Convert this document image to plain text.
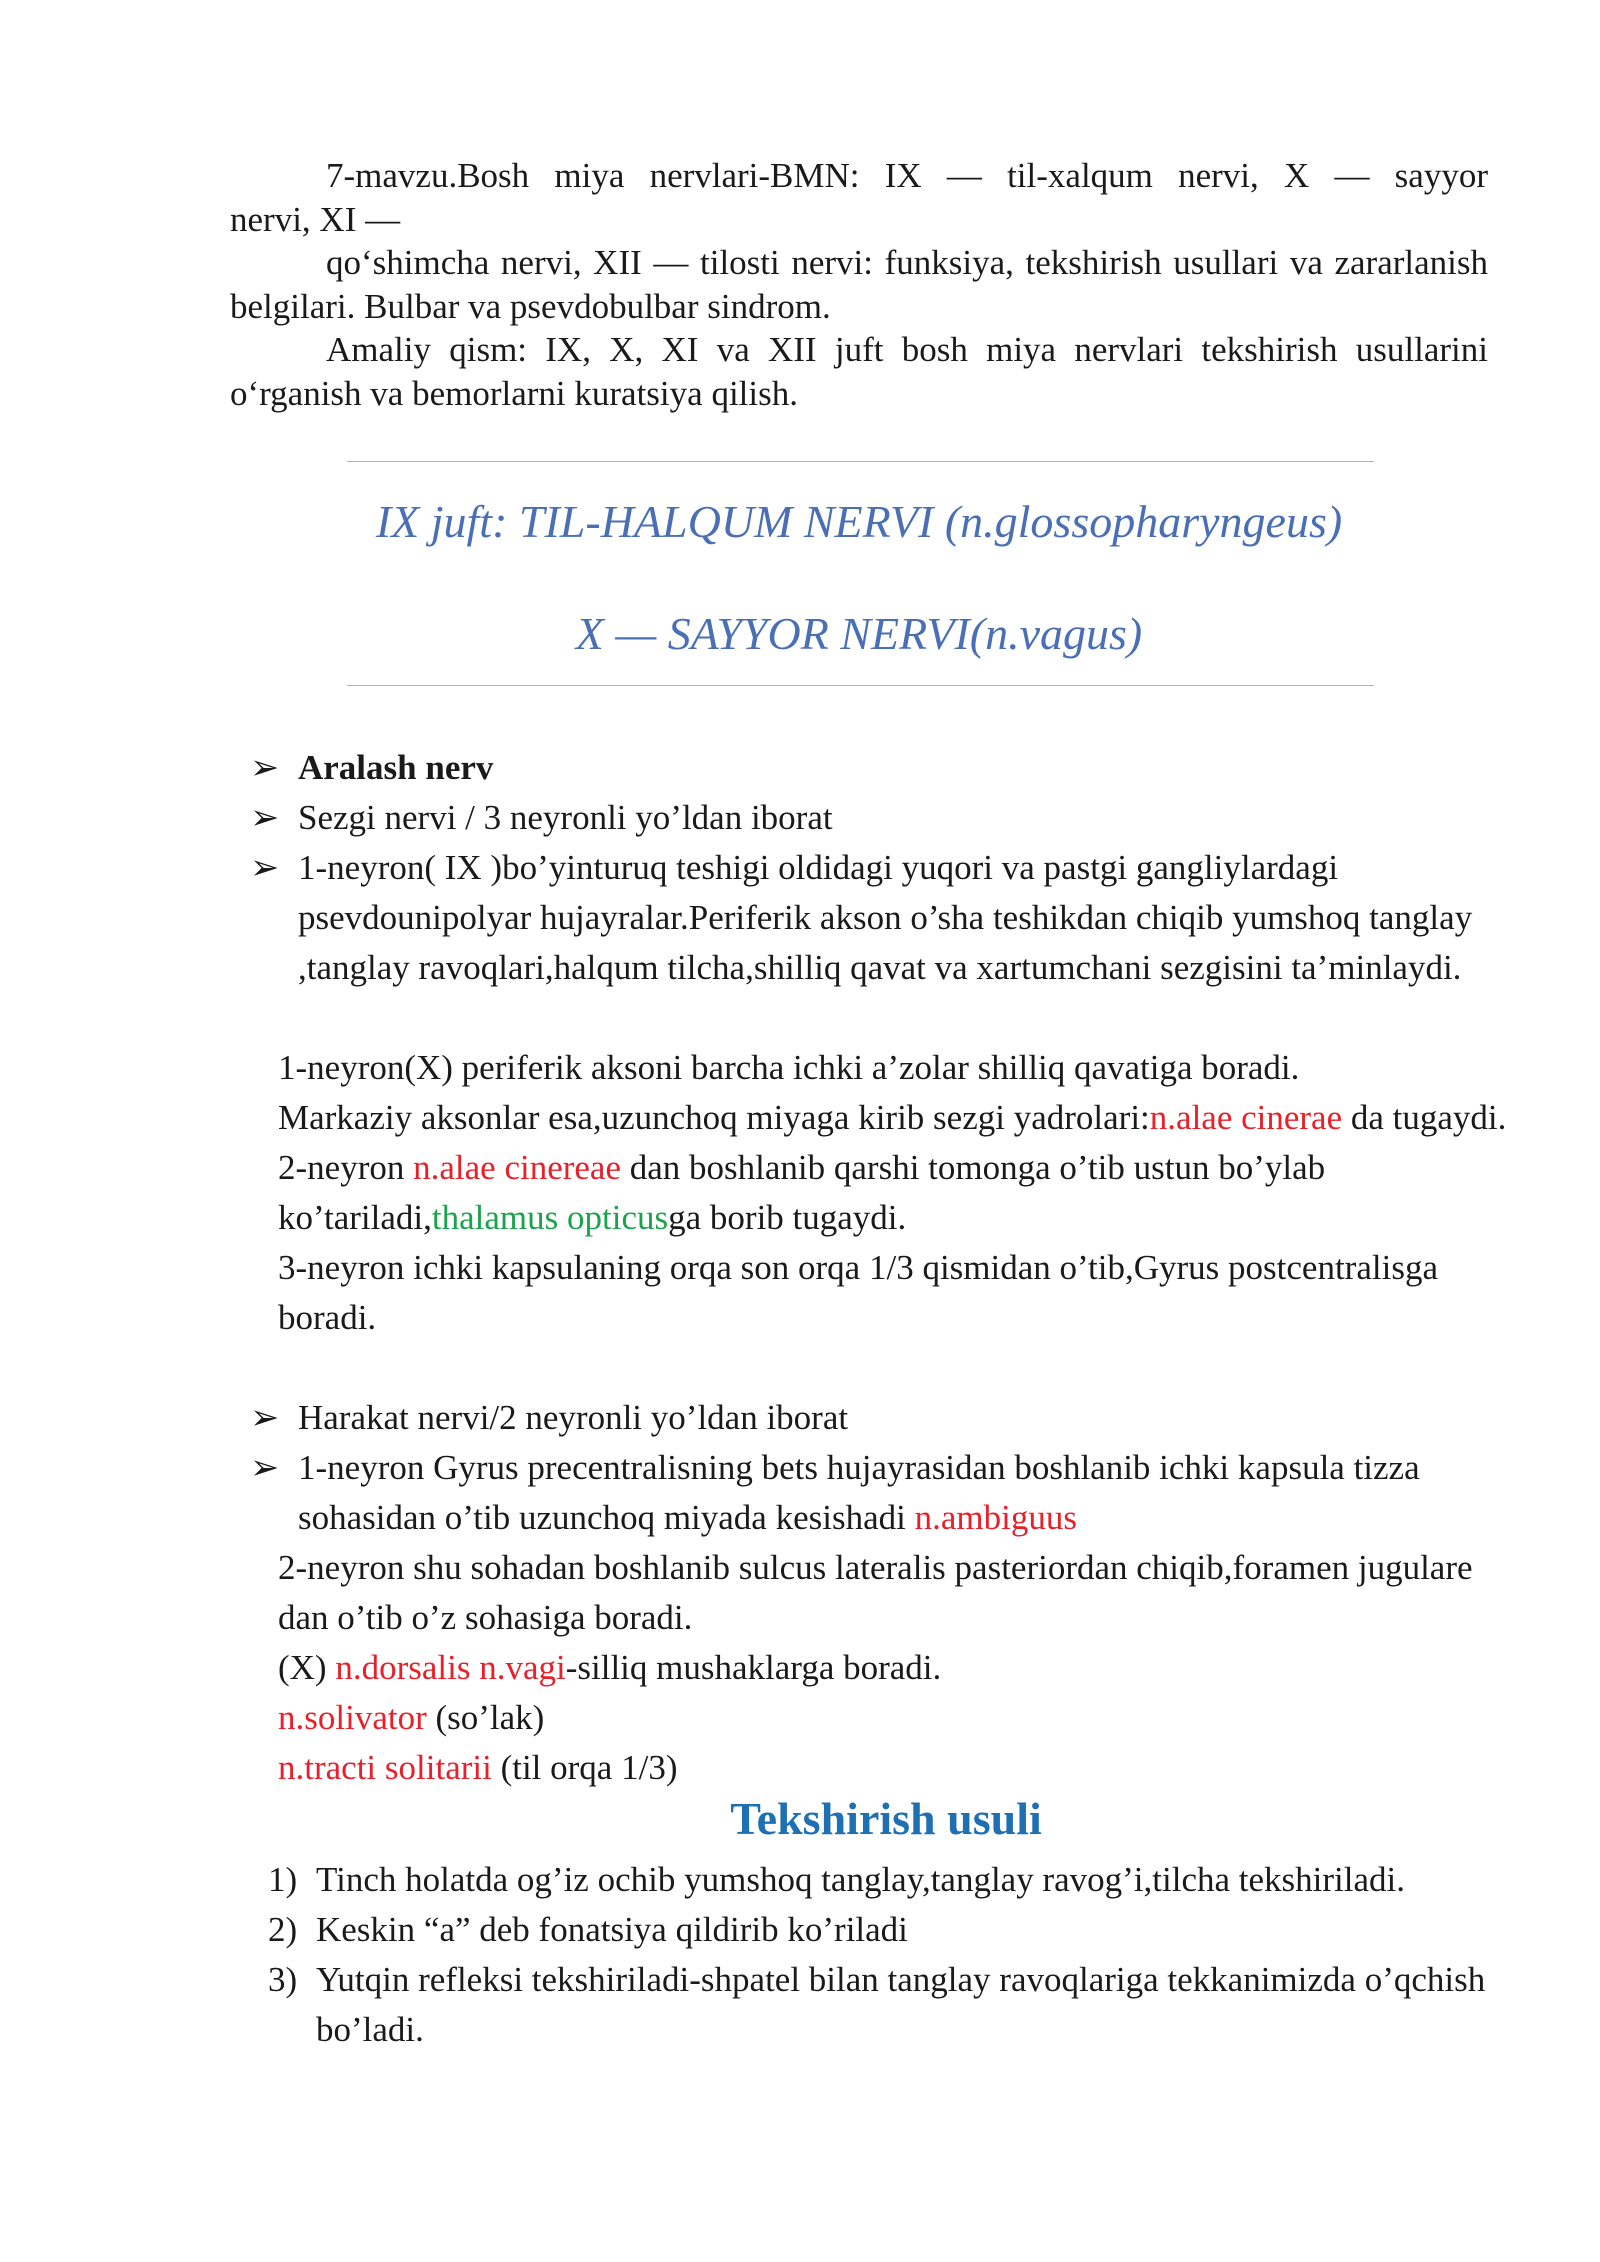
7-mavzu.Bosh miya nervlari-BMN: IX — til-xalqum nervi, X — sayyor

nervi, XI —

qo‘shimcha nervi, XII — tilosti nervi: funksiya, tekshirish usullari va zararlanish belgilari. Bulbar va psevdobulbar sindrom.

Amaliy qism: IX, X, XI va XII juft bosh miya nervlari tekshirish usullarini o‘rganish va bemorlarni kuratsiya qilish.

IX juft: TIL-HALQUM NERVI (n.glossopharyngeus)
X — SAYYOR NERVI(n.vagus)
➢ Aralash nerv
➢ Sezgi nervi / 3 neyronli yo’ldan iborat
➢ 1-neyron( IX )bo’yinturuq teshigi oldidagi yuqori va pastgi gangliylardagi psevdounipolyar hujayralar.Periferik akson o’sha teshikdan chiqib yumshoq tanglay ,tanglay ravoqlari,halqum tilcha,shilliq qavat va xartumchani sezgisini ta’minlaydi.
1-neyron(X) periferik aksoni barcha ichki a’zolar shilliq qavatiga boradi.
Markaziy aksonlar esa,uzunchoq miyaga kirib sezgi yadrolari:n.alae cinerae da tugaydi.
2-neyron n.alae cinereae dan boshlanib qarshi tomonga o’tib ustun bo’ylab ko’tariladi,thalamus opticusga borib tugaydi.
3-neyron ichki kapsulaning orqa son orqa 1/3 qismidan o’tib,Gyrus postcentralisga boradi.
➢ Harakat nervi/2 neyronli yo’ldan iborat
➢ 1-neyron Gyrus precentralisning bets hujayrasidan boshlanib ichki kapsula tizza sohasidan o’tib uzunchoq miyada kesishadi n.ambiguus
2-neyron shu sohadan boshlanib sulcus lateralis pasteriordan chiqib,foramen jugulare dan o’tib o’z sohasiga boradi.
(X) n.dorsalis n.vagi-silliq mushaklarga boradi.
n.solivator (so’lak)
n.tracti solitarii (til orqa 1/3)
Tekshirish usuli
1) Tinch holatda og’iz ochib yumshoq tanglay,tanglay ravog’i,tilcha tekshiriladi.
2) Keskin “a” deb fonatsiya qildirib ko’riladi
3) Yutqin refleksi tekshiriladi-shpatel bilan tanglay ravoqlariga tekkanimizda o’qchish bo’ladi.
